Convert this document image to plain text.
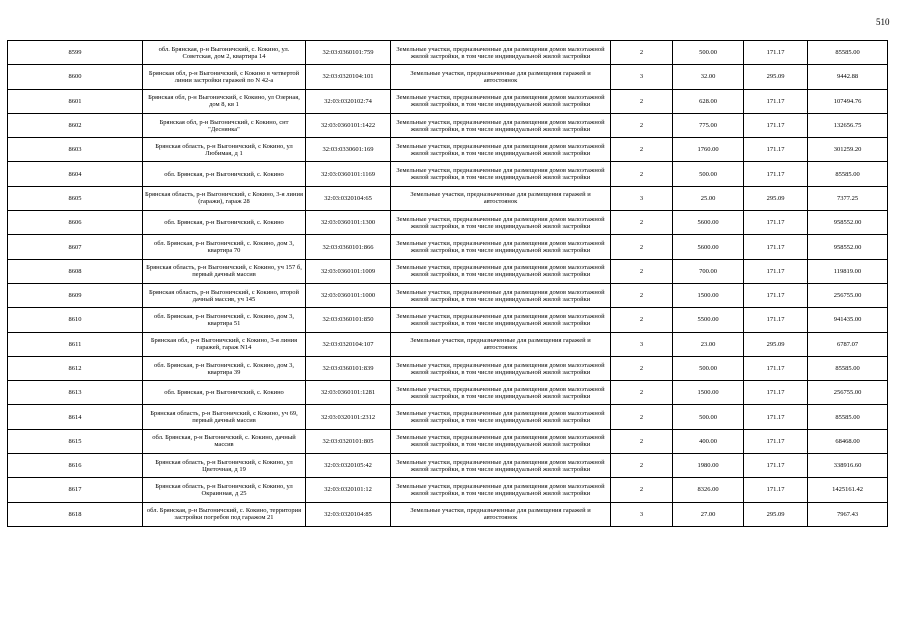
510
8599	обл. Брянская, р-н Выгоничский, с. Кокино, ул. Советская, дом 2, квартира 14	32:03:0360101:759	Земельные участки, предназначенные для размещения домов малоэтажной жилой застройки, в том числе индивидуальной жилой застройки	2	500.00	171.17	85585.00
8600	Брянская обл, р-н Выгоничский, с Кокино в четвертой линии застройки гаражей по N 42-а	32:03:0320104:101	Земельные участки, предназначенные для размещения гаражей и автостоянок	3	32.00	295.09	9442.88
8601	Брянская обл, р-н Выгоничский, с Кокино, ул Озерная, дом 8, кв 1	32:03:0320102:74	Земельные участки, предназначенные для размещения домов малоэтажной жилой застройки, в том числе индивидуальной жилой застройки	2	628.00	171.17	107494.76
8602	Брянская обл, р-н Выгоничский, с Кокино, снт "Деснянка"	32:03:0360101:1422	Земельные участки, предназначенные для размещения домов малоэтажной жилой застройки, в том числе индивидуальной жилой застройки	2	775.00	171.17	132656.75
8603	Брянская область, р-н Выгоничский, с Кокино, ул Любимая, д 1	32:03:0330601:169	Земельные участки, предназначенные для размещения домов малоэтажной жилой застройки, в том числе индивидуальной жилой застройки	2	1760.00	171.17	301259.20
8604	обл. Брянская, р-н Выгоничский, с. Кокино	32:03:0360101:1169	Земельные участки, предназначенные для размещения домов малоэтажной жилой застройки, в том числе индивидуальной жилой застройки	2	500.00	171.17	85585.00
8605	Брянская область, р-н Выгоничский, с Кокино, 3-я линия (гаражи), гараж 28	32:03:0320104:65	Земельные участки, предназначенные для размещения гаражей и автостоянок	3	25.00	295.09	7377.25
8606	обл. Брянская, р-н Выгоничский, с. Кокино	32:03:0360101:1300	Земельные участки, предназначенные для размещения домов малоэтажной жилой застройки, в том числе индивидуальной жилой застройки	2	5600.00	171.17	958552.00
8607	обл. Брянская, р-н Выгоничский, с. Кокино, дом 3, квартира 70	32:03:0360101:866	Земельные участки, предназначенные для размещения домов малоэтажной жилой застройки, в том числе индивидуальной жилой застройки	2	5600.00	171.17	958552.00
8608	Брянская область, р-н Выгоничский, с Кокино, уч 157 б, первый дачный массив	32:03:0360101:1009	Земельные участки, предназначенные для размещения домов малоэтажной жилой застройки, в том числе индивидуальной жилой застройки	2	700.00	171.17	119819.00
8609	Брянская область, р-н Выгоничский, с Кокино, второй дачный массив, уч 145	32:03:0360101:1000	Земельные участки, предназначенные для размещения домов малоэтажной жилой застройки, в том числе индивидуальной жилой застройки	2	1500.00	171.17	256755.00
8610	обл. Брянская, р-н Выгоничский, с. Кокино, дом 3, квартира 51	32:03:0360101:850	Земельные участки, предназначенные для размещения домов малоэтажной жилой застройки, в том числе индивидуальной жилой застройки	2	5500.00	171.17	941435.00
8611	Брянская обл, р-н Выгоничский, с Кокино, 3-я линия гаражей, гараж N14	32:03:0320104:107	Земельные участки, предназначенные для размещения гаражей и автостоянок	3	23.00	295.09	6787.07
8612	обл. Брянская, р-н Выгоничский, с. Кокино, дом 3, квартира 39	32:03:0360101:839	Земельные участки, предназначенные для размещения домов малоэтажной жилой застройки, в том числе индивидуальной жилой застройки	2	500.00	171.17	85585.00
8613	обл. Брянская, р-н Выгоничский, с. Кокино	32:03:0360101:1281	Земельные участки, предназначенные для размещения домов малоэтажной жилой застройки, в том числе индивидуальной жилой застройки	2	1500.00	171.17	256755.00
8614	Брянская область, р-н Выгоничский, с Кокино, уч 69, первый дачный массив	32:03:0320101:2312	Земельные участки, предназначенные для размещения домов малоэтажной жилой застройки, в том числе индивидуальной жилой застройки	2	500.00	171.17	85585.00
8615	обл. Брянская, р-н Выгоничский, с. Кокино, дачный массив	32:03:0320101:805	Земельные участки, предназначенные для размещения домов малоэтажной жилой застройки, в том числе индивидуальной жилой застройки	2	400.00	171.17	68468.00
8616	Брянская область, р-н Выгоничский, с Кокино, ул Цветочная, д 19	32:03:0320105:42	Земельные участки, предназначенные для размещения домов малоэтажной жилой застройки, в том числе индивидуальной жилой застройки	2	1980.00	171.17	338916.60
8617	Брянская область, р-н Выгоничский, с Кокино, ул Окраинная, д 25	32:03:0320101:12	Земельные участки, предназначенные для размещения домов малоэтажной жилой застройки, в том числе индивидуальной жилой застройки	2	8326.00	171.17	1425161.42
8618	обл. Брянская, р-н Выгоничский, с. Кокино, территория застройки погребов под гаражом 21	32:03:0320104:85	Земельные участки, предназначенные для размещения гаражей и автостоянок	3	27.00	295.09	7967.43
